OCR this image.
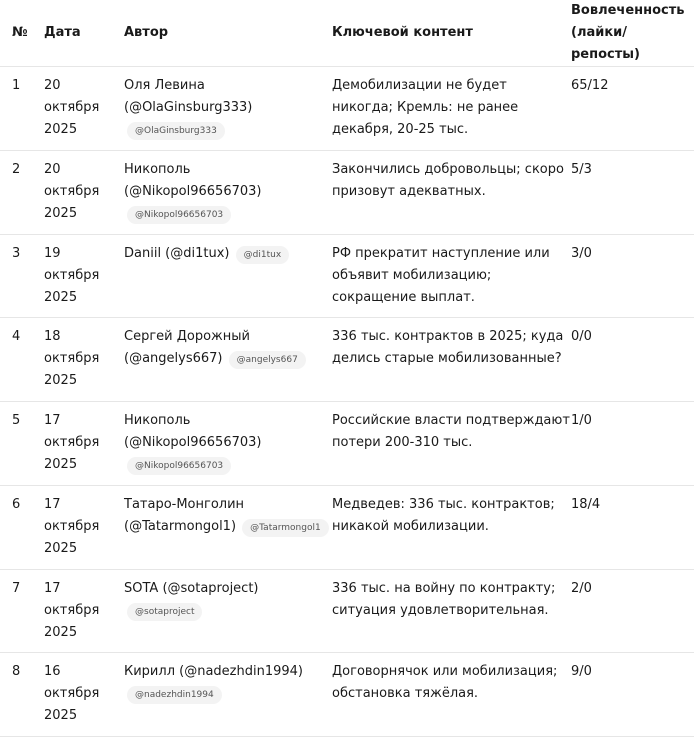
№	Дата	Автор	Ключевой контент	Вовлеченность
(лайки/репосты)

1	20
октября
2025	Оля Левина (@OlaGinsburg333)
@OlaGinsburg333	Демобилизации не будет никогда; Кремль: не ранее декабря, 20-25 тыс.	65/12
2	20
октября
2025	Никополь (@Nikopol96656703)
@Nikopol96656703	Закончились добровольцы; скоро призовут адекватных.	5/3
3	19
октября
2025	Daniil (@di1tux) @di1tux	РФ прекратит наступление или объявит мобилизацию; сокращение выплат.	3/0
4	18
октября
2025	Сергей Дорожный (@angelys667) @angelys667	336 тыс. контрактов в 2025; куда делись старые мобилизованные?	0/0
5	17
октября
2025	Никополь (@Nikopol96656703)
@Nikopol96656703	Российские власти подтверждают потери 200-310 тыс.	1/0
6	17
октября
2025	Татаро-Монголин (@Tatarmongol1) @Tatarmongol1	Медведев: 336 тыс. контрактов; никакой мобилизации.	18/4
7	17
октября
2025	SOTA (@sotaproject)
@sotaproject	336 тыс. на войну по контракту; ситуация удовлетворительная.	2/0
8	16
октября
2025	Кирилл (@nadezhdin1994)
@nadezhdin1994	Договорнячок или мобилизация; обстановка тяжёлая.	9/0
